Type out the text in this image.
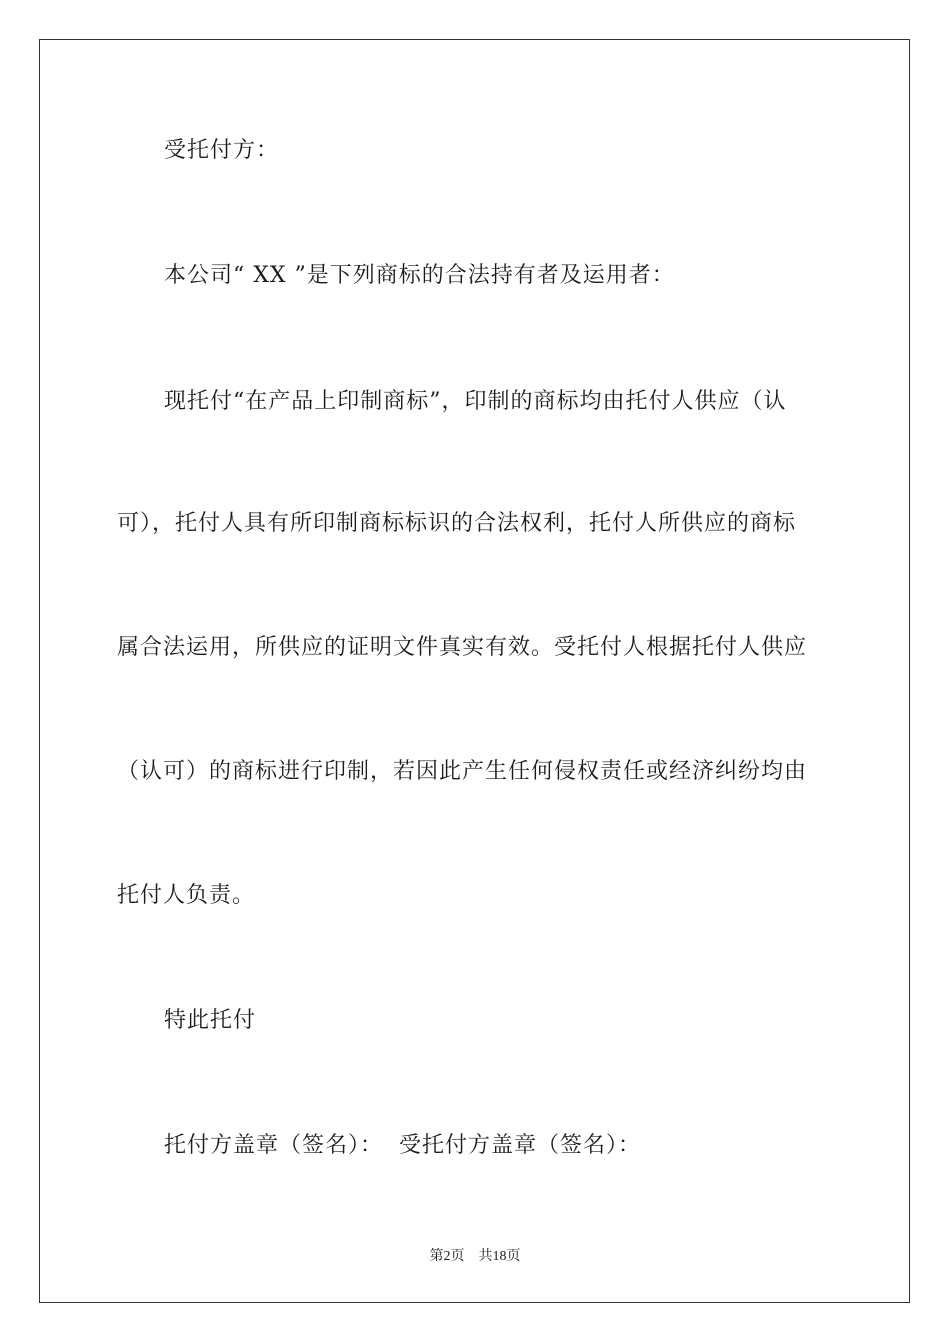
受托付方：
本公司“ XX ”是下列商标的合法持有者及运用者：
现托付“在产品上印制商标”，印制的商标均由托付人供应（认
可），托付人具有所印制商标标识的合法权利，托付人所供应的商标
属合法运用，所供应的证明文件真实有效。受托付人根据托付人供应
（认可）的商标进行印制，若因此产生任何侵权责任或经济纠纷均由
托付人负责。
特此托付
托付方盖章（签名）：  受托付方盖章（签名）：
第2页　共18页
